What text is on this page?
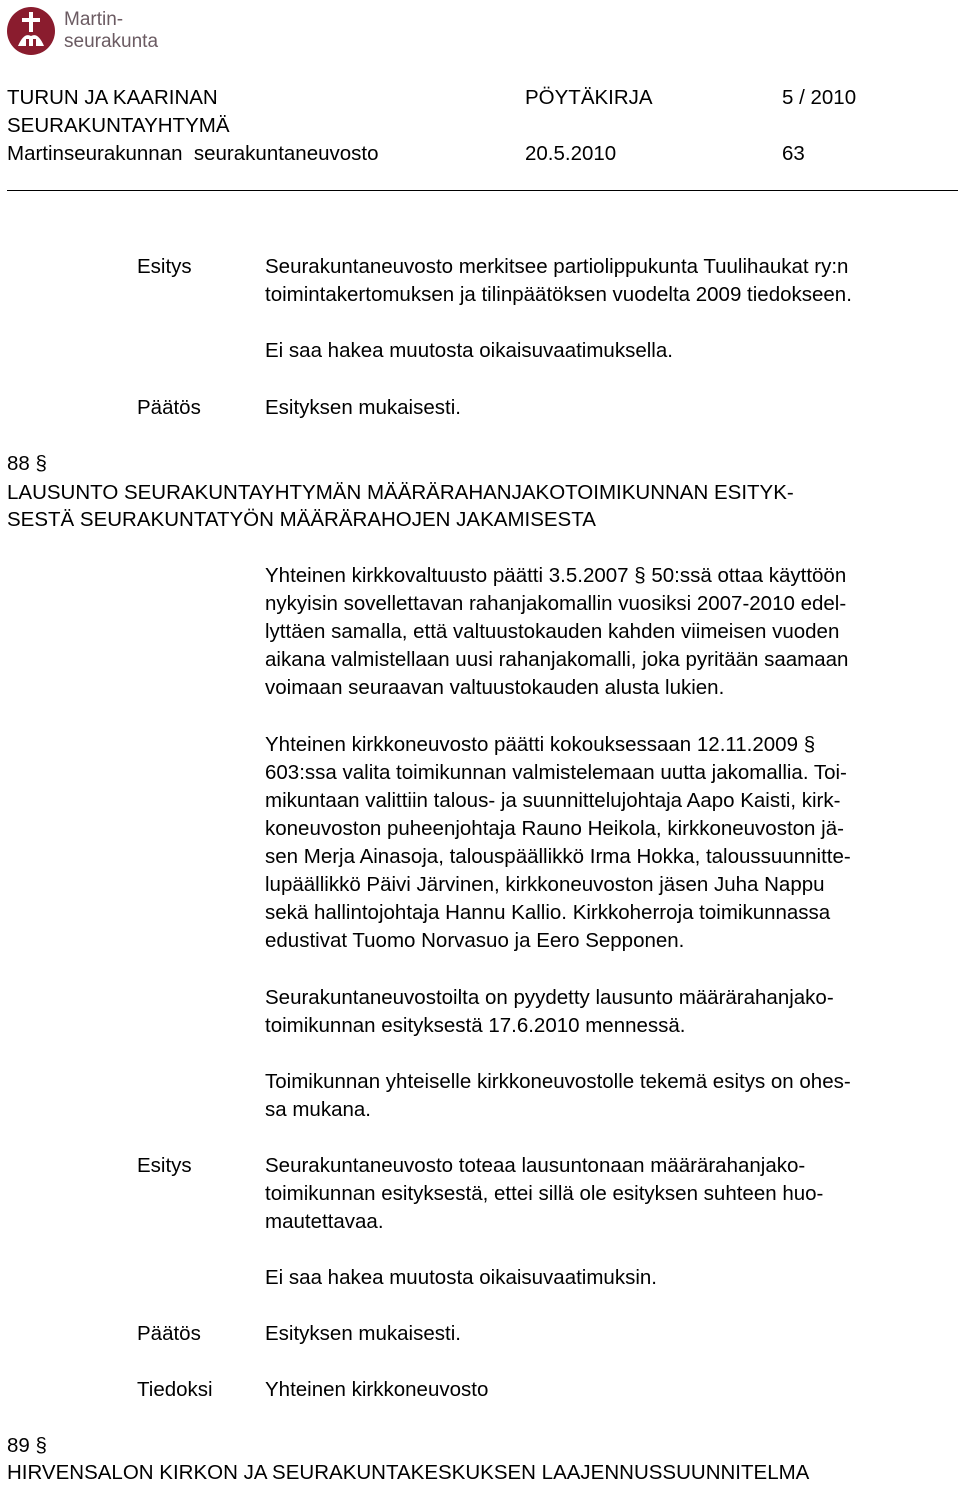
Martin-
seurakunta
TURUN JA KAARINAN	PÖYTÄKIRJA	5 / 2010
SEURAKUNTAYHTYMÄ
Martinseurakunnan  seurakuntaneuvosto	20.5.2010	63
Esitys	Seurakuntaneuvosto merkitsee partiolippukunta Tuulihaukat ry:n
toimintakertomuksen ja tilinpäätöksen vuodelta 2009 tiedokseen.
Ei saa hakea muutosta oikaisuvaatimuksella.
Päätös	Esityksen mukaisesti.
88 §
LAUSUNTO SEURAKUNTAYHTYMÄN MÄÄRÄRAHANJAKOTOIMIKUNNAN ESITYK-
SESTÄ SEURAKUNTATYÖN MÄÄRÄRAHOJEN JAKAMISESTA
Yhteinen kirkkovaltuusto päätti 3.5.2007 § 50:ssä ottaa käyttöön
nykyisin sovellettavan rahanjakomallin vuosiksi 2007-2010 edel-
lyttäen samalla, että valtuustokauden kahden viimeisen vuoden
aikana valmistellaan uusi rahanjakomalli, joka pyritään saamaan
voimaan seuraavan valtuustokauden alusta lukien.
Yhteinen kirkkoneuvosto päätti kokouksessaan 12.11.2009 §
603:ssa valita toimikunnan valmistelemaan uutta jakomallia. Toi-
mikuntaan valittiin talous- ja suunnittelujohtaja Aapo Kaisti, kirk-
koneuvoston puheenjohtaja Rauno Heikola, kirkkoneuvoston jä-
sen Merja Ainasoja, talouspäällikkö Irma Hokka, taloussuunnitte-
lupäällikkö Päivi Järvinen, kirkkoneuvoston jäsen Juha Nappu
sekä hallintojohtaja Hannu Kallio. Kirkkoherroja toimikunnassa
edustivat Tuomo Norvasuo ja Eero Sepponen.
Seurakuntaneuvostoilta on pyydetty lausunto määrärahanjako-
toimikunnan esityksestä 17.6.2010 mennessä.
Toimikunnan yhteiselle kirkkoneuvostolle tekemä esitys on ohes-
sa mukana.
Esitys	Seurakuntaneuvosto toteaa lausuntonaan määrärahanjako-
toimikunnan esityksestä, ettei sillä ole esityksen suhteen huo-
mautettavaa.
Ei saa hakea muutosta oikaisuvaatimuksin.
Päätös	Esityksen mukaisesti.
Tiedoksi	Yhteinen kirkkoneuvosto
89 §
HIRVENSALON KIRKON JA SEURAKUNTAKESKUKSEN LAAJENNUSSUUNNITELMA
